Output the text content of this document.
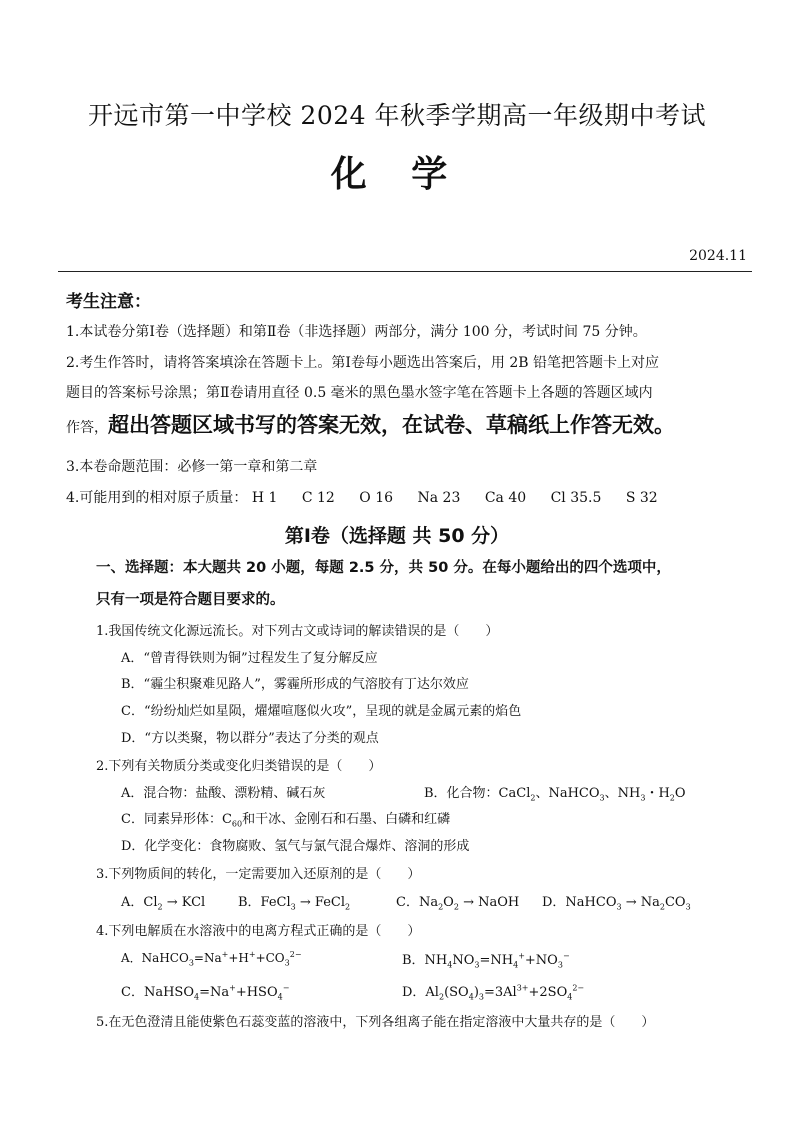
开远市第一中学校 2024 年秋季学期高一年级期中考试
化 学
2024.11
考生注意：
1.本试卷分第Ⅰ卷（选择题）和第Ⅱ卷（非选择题）两部分，满分 100 分，考试时间 75 分钟。
2.考生作答时，请将答案填涂在答题卡上。第Ⅰ卷每小题选出答案后，用 2B 铅笔把答题卡上对应
题目的答案标号涂黑；第Ⅱ卷请用直径 0.5 毫米的黑色墨水签字笔在答题卡上各题的答题区域内
作答，超出答题区域书写的答案无效，在试卷、草稿纸上作答无效。
3.本卷命题范围：必修一第一章和第二章
4.可能用到的相对原子质量： H 1 C 12 O 16 Na 23 Ca 40 Cl 35.5 S 32
第Ⅰ卷（选择题 共 50 分）
一、选择题：本大题共 20 小题，每题 2.5 分，共 50 分。在每小题给出的四个选项中，
只有一项是符合题目要求的。
1.我国传统文化源远流长。对下列古文或诗词的解读错误的是（　　）
A．“曾青得铁则为铜”过程发生了复分解反应
B．“霾尘积聚难见路人”，雾霾所形成的气溶胶有丁达尔效应
C．“纷纷灿烂如星陨，燿燿喧豗似火攻”，呈现的就是金属元素的焰色
D．“方以类聚，物以群分”表达了分类的观点
2.下列有关物质分类或变化归类错误的是（　　）
A．混合物：盐酸、漂粉精、碱石灰	B．化合物：CaCl$_2$、NaHCO$_3$、$NH_3$・$H_2O$
C．同素异形体：$C_{60}$和干冰、金刚石和石墨、白磷和红磷
D．化学变化：食物腐败、氢气与氯气混合爆炸、溶洞的形成
3.下列物质间的转化，一定需要加入还原剂的是（　　）
A．$Cl_2$ → KCl	B．FeCl$_3$ → FeCl$_2$	C．$Na_2O_2$ → NaOH D．NaHCO$_3$ → $Na_2CO_3$
4.下列电解质在水溶液中的电离方程式正确的是（　　）
A．$NaHCO_3=Na^++H^++CO_3^{2-}$	B．$NH_4NO_3=NH_4^++NO_3^-$
C．$NaHSO_4=Na^++HSO_4^-$	D．$Al_2(SO_4)_3=3Al^{3+}+2SO_4^{2-}$
5.在无色澄清且能使紫色石蕊变蓝的溶液中，下列各组离子能在指定溶液中大量共存的是（　　）
